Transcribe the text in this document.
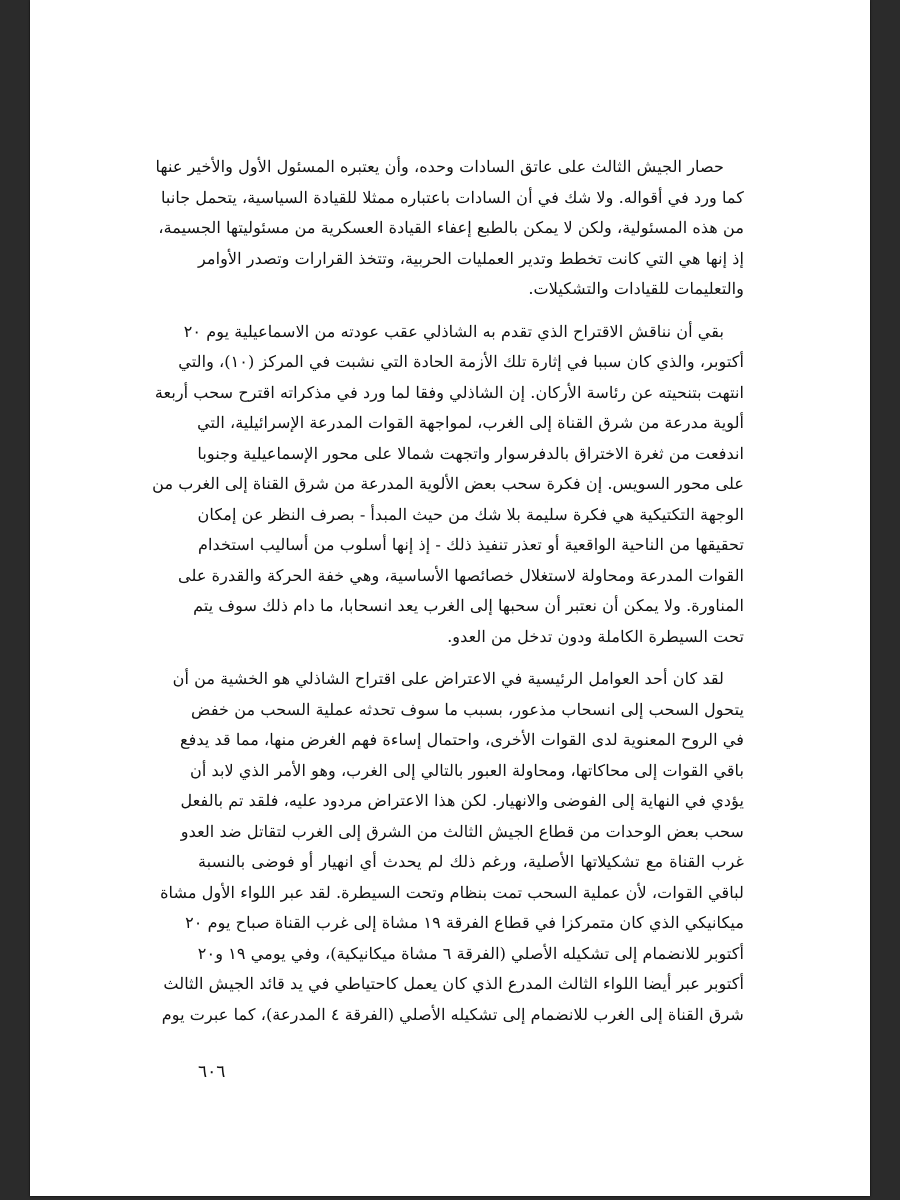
حصار الجيش الثالث على عاتق السادات وحده، وأن يعتبره المسئول الأول والأخير عنها
كما ورد في أقواله. ولا شك في أن السادات باعتباره ممثلا للقيادة السياسية، يتحمل جانبا
من هذه المسئولية، ولكن لا يمكن بالطبع إعفاء القيادة العسكرية من مسئوليتها الجسيمة،
إذ إنها هي التي كانت تخطط وتدير العمليات الحربية، وتتخذ القرارات وتصدر الأوامر
والتعليمات للقيادات والتشكيلات.

بقي أن نناقش الاقتراح الذي تقدم به الشاذلي عقب عودته من الاسماعيلية يوم ٢٠
أكتوبر، والذي كان سببا في إثارة تلك الأزمة الحادة التي نشبت في المركز (١٠)، والتي
انتهت بتنحيته عن رئاسة الأركان. إن الشاذلي وفقا لما ورد في مذكراته اقترح سحب أربعة
ألوية مدرعة من شرق القناة إلى الغرب، لمواجهة القوات المدرعة الإسرائيلية، التي
اندفعت من ثغرة الاختراق بالدفرسوار واتجهت شمالا على محور الإسماعيلية وجنوبا
على محور السويس. إن فكرة سحب بعض الألوية المدرعة من شرق القناة إلى الغرب من
الوجهة التكتيكية هي فكرة سليمة بلا شك من حيث المبدأ - بصرف النظر عن إمكان
تحقيقها من الناحية الواقعية أو تعذر تنفيذ ذلك - إذ إنها أسلوب من أساليب استخدام
القوات المدرعة ومحاولة لاستغلال خصائصها الأساسية، وهي خفة الحركة والقدرة على
المناورة. ولا يمكن أن نعتبر أن سحبها إلى الغرب يعد انسحابا، ما دام ذلك سوف يتم
تحت السيطرة الكاملة ودون تدخل من العدو.

لقد كان أحد العوامل الرئيسية في الاعتراض على اقتراح الشاذلي هو الخشية من أن
يتحول السحب إلى انسحاب مذعور، بسبب ما سوف تحدثه عملية السحب من خفض
في الروح المعنوية لدى القوات الأخرى، واحتمال إساءة فهم الغرض منها، مما قد يدفع
باقي القوات إلى محاكاتها، ومحاولة العبور بالتالي إلى الغرب، وهو الأمر الذي لابد أن
يؤدي في النهاية إلى الفوضى والانهيار. لكن هذا الاعتراض مردود عليه، فلقد تم بالفعل
سحب بعض الوحدات من قطاع الجيش الثالث من الشرق إلى الغرب لتقاتل ضد العدو
غرب القناة مع تشكيلاتها الأصلية، ورغم ذلك لم يحدث أي انهيار أو فوضى بالنسبة
لباقي القوات، لأن عملية السحب تمت بنظام وتحت السيطرة. لقد عبر اللواء الأول مشاة
ميكانيكي الذي كان متمركزا في قطاع الفرقة ١٩ مشاة إلى غرب القناة صباح يوم ٢٠
أكتوبر للانضمام إلى تشكيله الأصلي (الفرقة ٦ مشاة ميكانيكية)، وفي يومي ١٩ و٢٠
أكتوبر عبر أيضا اللواء الثالث المدرع الذي كان يعمل كاحتياطي في يد قائد الجيش الثالث
شرق القناة إلى الغرب للانضمام إلى تشكيله الأصلي (الفرقة ٤ المدرعة)، كما عبرت يوم

٦٠٦
